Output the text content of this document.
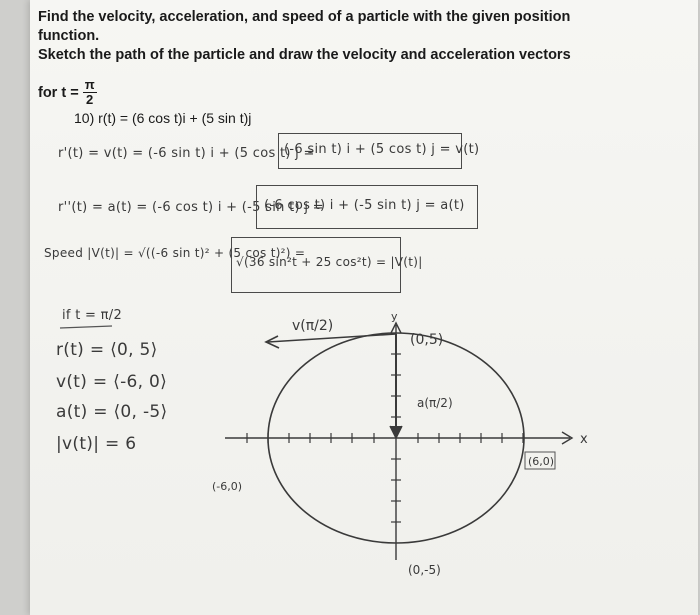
Find the velocity, acceleration, and speed of a particle with the given position function.

Sketch the path of the particle and draw the velocity and acceleration vectors

for $t = \frac{\pi}{2}$
10) r(t) = (6 cos t)i + (5 sin t)j
r'(t) = v(t) = (-6 sin t) i + (5 cos t) j =
(-6 sin t) i + (5 cos t) j = v(t)
r''(t) = a(t) = (-6 cos t) i + (-5 sin t) j =
(-6 cos t) i + (-5 sin t) j = a(t)
Speed |V(t)| = √((-6 sin t)² + (5 cos t)²) =
√(36 sin²t + 25 cos²t) = |V(t)|
if t = π/2
r(t) = ⟨0, 5⟩
v(t) = ⟨-6, 0⟩
a(t) = ⟨0, -5⟩
|v(t)| = 6
v(π/2)
a(π/2)
y
x
(0,5)
(6,0)
(-6,0)
(0,-5)
